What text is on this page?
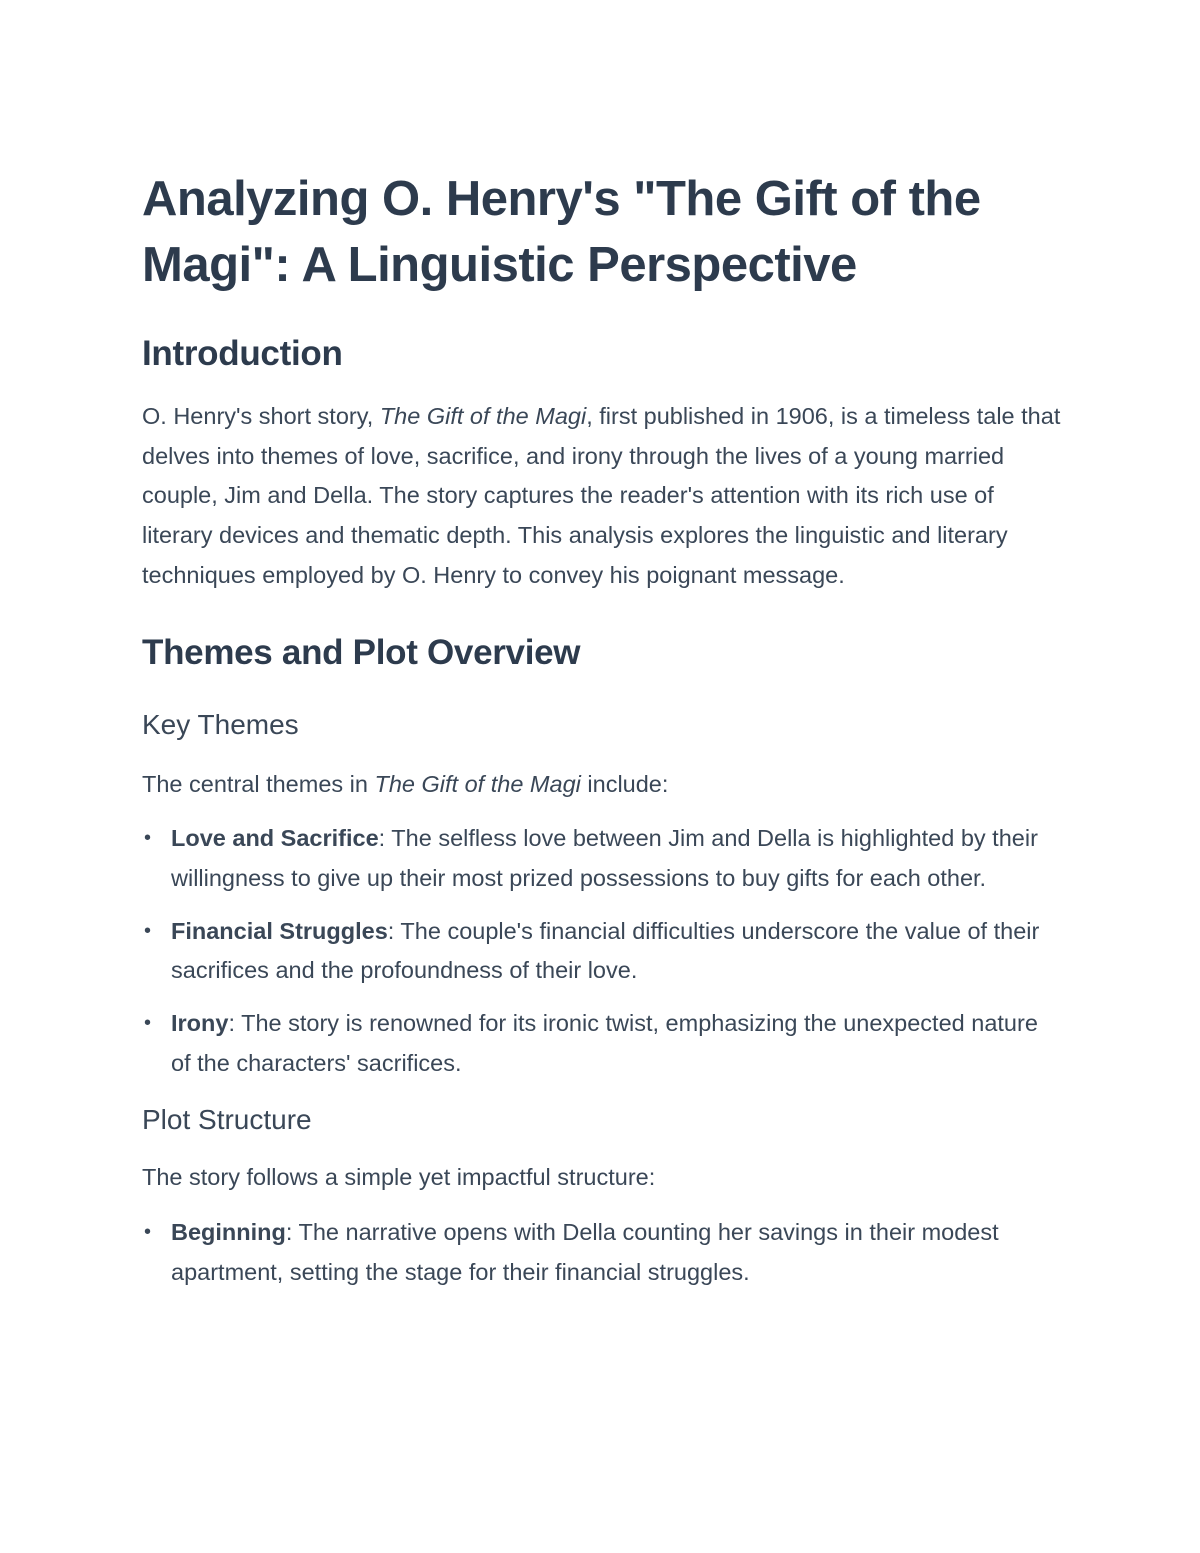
Analyzing O. Henry's "The Gift of the Magi": A Linguistic Perspective
Introduction

O. Henry's short story, The Gift of the Magi, first published in 1906, is a timeless tale that delves into themes of love, sacrifice, and irony through the lives of a young married couple, Jim and Della. The story captures the reader's attention with its rich use of literary devices and thematic depth. This analysis explores the linguistic and literary techniques employed by O. Henry to convey his poignant message.

Themes and Plot Overview
Key Themes

The central themes in The Gift of the Magi include:

• Love and Sacrifice: The selfless love between Jim and Della is highlighted by their willingness to give up their most prized possessions to buy gifts for each other.
• Financial Struggles: The couple's financial difficulties underscore the value of their sacrifices and the profoundness of their love.
• Irony: The story is renowned for its ironic twist, emphasizing the unexpected nature of the characters' sacrifices.
Plot Structure

The story follows a simple yet impactful structure:

• Beginning: The narrative opens with Della counting her savings in their modest apartment, setting the stage for their financial struggles.
